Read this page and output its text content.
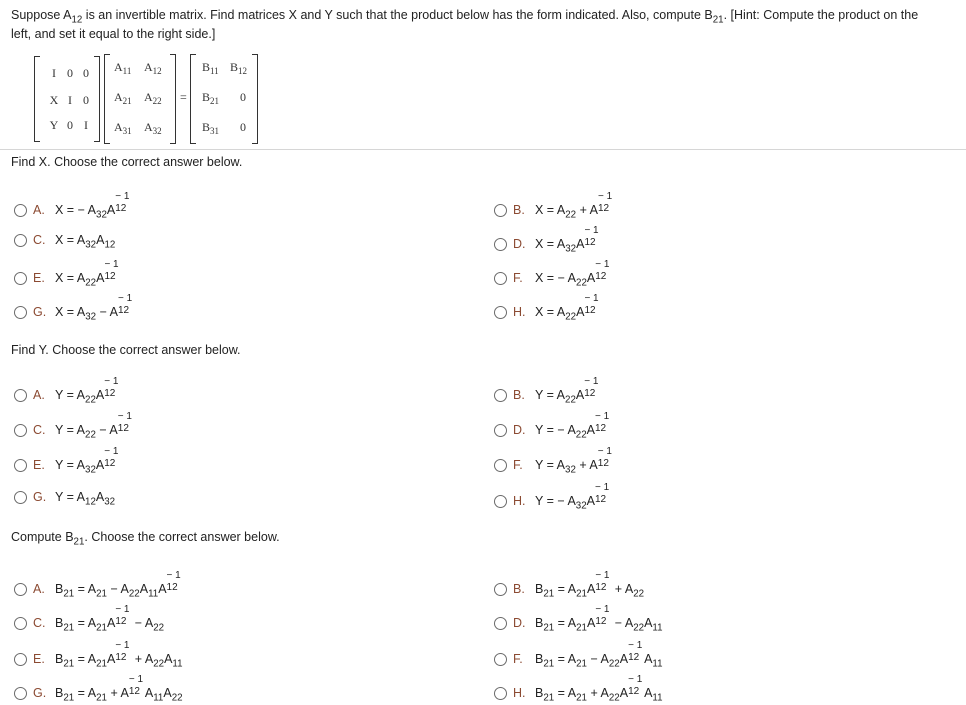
Suppose $A_{12}$ is an invertible matrix. Find matrices X and Y such that the product below has the form indicated. Also, compute $B_{21}$. [Hint: Compute the product on the
left, and set it equal to the right side.]
I 0 0
X I 0
Y 0 I
$A_{11}$ $A_{12}$
$A_{21}$ $A_{22}$
$A_{31}$ $A_{32}$
=
$B_{11}$ $B_{12}$
$B_{21}$ 0
$B_{31}$ 0
Find X. Choose the correct answer below.
A. X = − $A_{32}A$
− 1
12	B. $X = A_{22} + A$
− 1
12
C. $X = A_{32}A_{12}$	D. $X = A_{32}A$
− 1
12
E. $X = A_{22}A$
− 1
12	F. X = − $A_{22}A$
− 1
12
G. $X = A_{32} - A$
− 1
12	H. $X = A_{22}A$
− 1
12
Find Y. Choose the correct answer below.
A. $Y = A_{22}A$
− 1
12	B. $Y = A_{22}A$
− 1
12
C. $Y = A_{22} - A$
− 1
12	D. Y = − $A_{22}A$
− 1
12
E. $Y = A_{32}A$
− 1
12	F. $Y = A_{32} + A$
− 1
12
G. $Y = A_{12}A_{32}$	H. Y = − $A_{32}A$
− 1
12
Compute $B_{21}$. Choose the correct answer below.
A. $B_{21} = A_{21} - A_{22}A_{11}A$
− 1
12	B. $B_{21} = A_{21}A$
− 1
$12 + A_{22}$
C. $B_{21} = A_{21}A$
− 1
$12 - A_{22}$	D. $B_{21} = A_{21}A$
− 1
$12 - A_{22}A_{11}$
E. $B_{21} = A_{21}A$
− 1
$12 + A_{22}A_{11}$	F. $B_{21} = A_{21} - A_{22}A$
− 1
12 $A_{11}$
G. $B_{21} = A_{21} + A$
− 1
12 $A_{11}A_{22}$	H. $B_{21} = A_{21} + A_{22}A$
− 1
12 $A_{11}$
